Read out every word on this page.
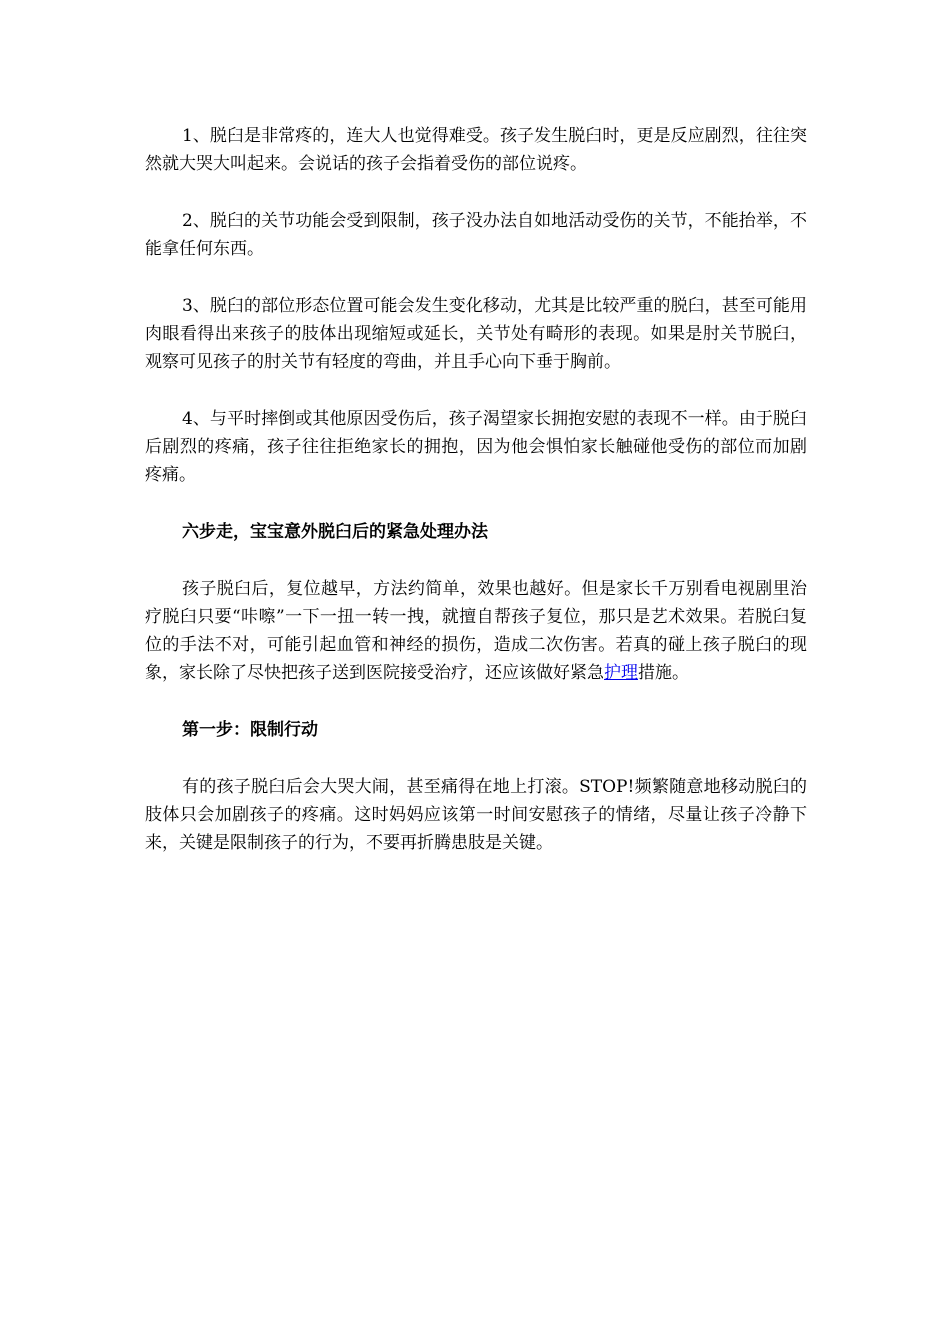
1、脱臼是非常疼的，连大人也觉得难受。孩子发生脱臼时，更是反应剧烈，往往突然就大哭大叫起来。会说话的孩子会指着受伤的部位说疼。

2、脱臼的关节功能会受到限制，孩子没办法自如地活动受伤的关节，不能抬举，不能拿任何东西。

3、脱臼的部位形态位置可能会发生变化移动，尤其是比较严重的脱臼，甚至可能用肉眼看得出来孩子的肢体出现缩短或延长，关节处有畸形的表现。如果是肘关节脱臼，观察可见孩子的肘关节有轻度的弯曲，并且手心向下垂于胸前。

4、与平时摔倒或其他原因受伤后，孩子渴望家长拥抱安慰的表现不一样。由于脱臼后剧烈的疼痛，孩子往往拒绝家长的拥抱，因为他会惧怕家长触碰他受伤的部位而加剧疼痛。

六步走，宝宝意外脱臼后的紧急处理办法

孩子脱臼后，复位越早，方法约简单，效果也越好。但是家长千万别看电视剧里治疗脱臼只要“咔嚓”一下一扭一转一拽，就擅自帮孩子复位，那只是艺术效果。若脱臼复位的手法不对，可能引起血管和神经的损伤，造成二次伤害。若真的碰上孩子脱臼的现象，家长除了尽快把孩子送到医院接受治疗，还应该做好紧急护理措施。

第一步：限制行动

有的孩子脱臼后会大哭大闹，甚至痛得在地上打滚。STOP!频繁随意地移动脱臼的肢体只会加剧孩子的疼痛。这时妈妈应该第一时间安慰孩子的情绪，尽量让孩子冷静下来，关键是限制孩子的行为，不要再折腾患肢是关键。
